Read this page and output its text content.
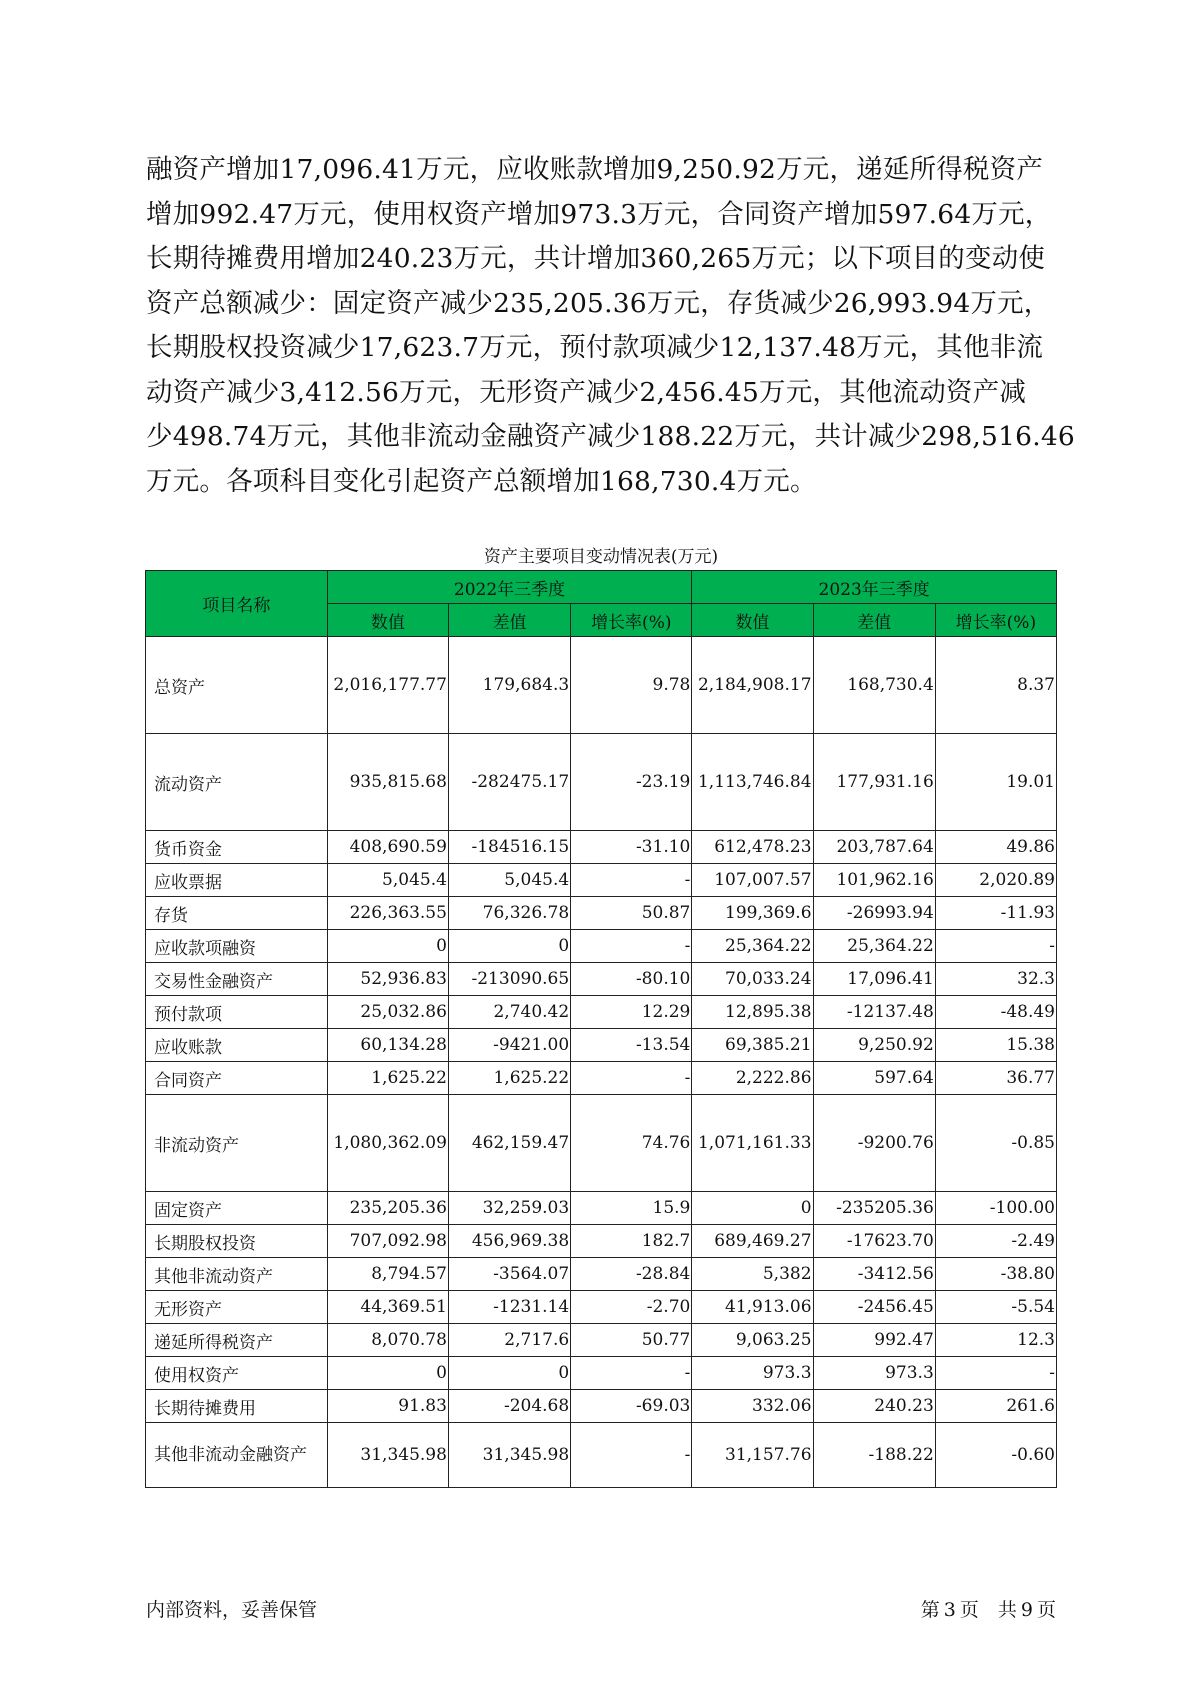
融资产增加17,096.41万元，应收账款增加9,250.92万元，递延所得税资产
增加992.47万元，使用权资产增加973.3万元，合同资产增加597.64万元，
长期待摊费用增加240.23万元，共计增加360,265万元；以下项目的变动使
资产总额减少：固定资产减少235,205.36万元，存货减少26,993.94万元，
长期股权投资减少17,623.7万元，预付款项减少12,137.48万元，其他非流
动资产减少3,412.56万元，无形资产减少2,456.45万元，其他流动资产减
少498.74万元，其他非流动金融资产减少188.22万元，共计减少298,516.46
万元。各项科目变化引起资产总额增加168,730.4万元。
资产主要项目变动情况表(万元)
项目名称	2022年三季度			2023年三季度		
	数值	差值	增长率(%)	数值	差值	增长率(%)
总资产	2,016,177.77	179,684.3	9.78	2,184,908.17	168,730.4	8.37
流动资产	935,815.68	-282475.17	-23.19	1,113,746.84	177,931.16	19.01
货币资金	408,690.59	-184516.15	-31.10	612,478.23	203,787.64	49.86
应收票据	5,045.4	5,045.4	-	107,007.57	101,962.16	2,020.89
存货	226,363.55	76,326.78	50.87	199,369.6	-26993.94	-11.93
应收款项融资	0	0	-	25,364.22	25,364.22	-
交易性金融资产	52,936.83	-213090.65	-80.10	70,033.24	17,096.41	32.3
预付款项	25,032.86	2,740.42	12.29	12,895.38	-12137.48	-48.49
应收账款	60,134.28	-9421.00	-13.54	69,385.21	9,250.92	15.38
合同资产	1,625.22	1,625.22	-	2,222.86	597.64	36.77
非流动资产	1,080,362.09	462,159.47	74.76	1,071,161.33	-9200.76	-0.85
固定资产	235,205.36	32,259.03	15.9	0	-235205.36	-100.00
长期股权投资	707,092.98	456,969.38	182.7	689,469.27	-17623.70	-2.49
其他非流动资产	8,794.57	-3564.07	-28.84	5,382	-3412.56	-38.80
无形资产	44,369.51	-1231.14	-2.70	41,913.06	-2456.45	-5.54
递延所得税资产	8,070.78	2,717.6	50.77	9,063.25	992.47	12.3
使用权资产	0	0	-	973.3	973.3	-
长期待摊费用	91.83	-204.68	-69.03	332.06	240.23	261.6
其他非流动金融资产	31,345.98	31,345.98	-	31,157.76	-188.22	-0.60
内部资料，妥善保管	第 3 页　共 9 页
